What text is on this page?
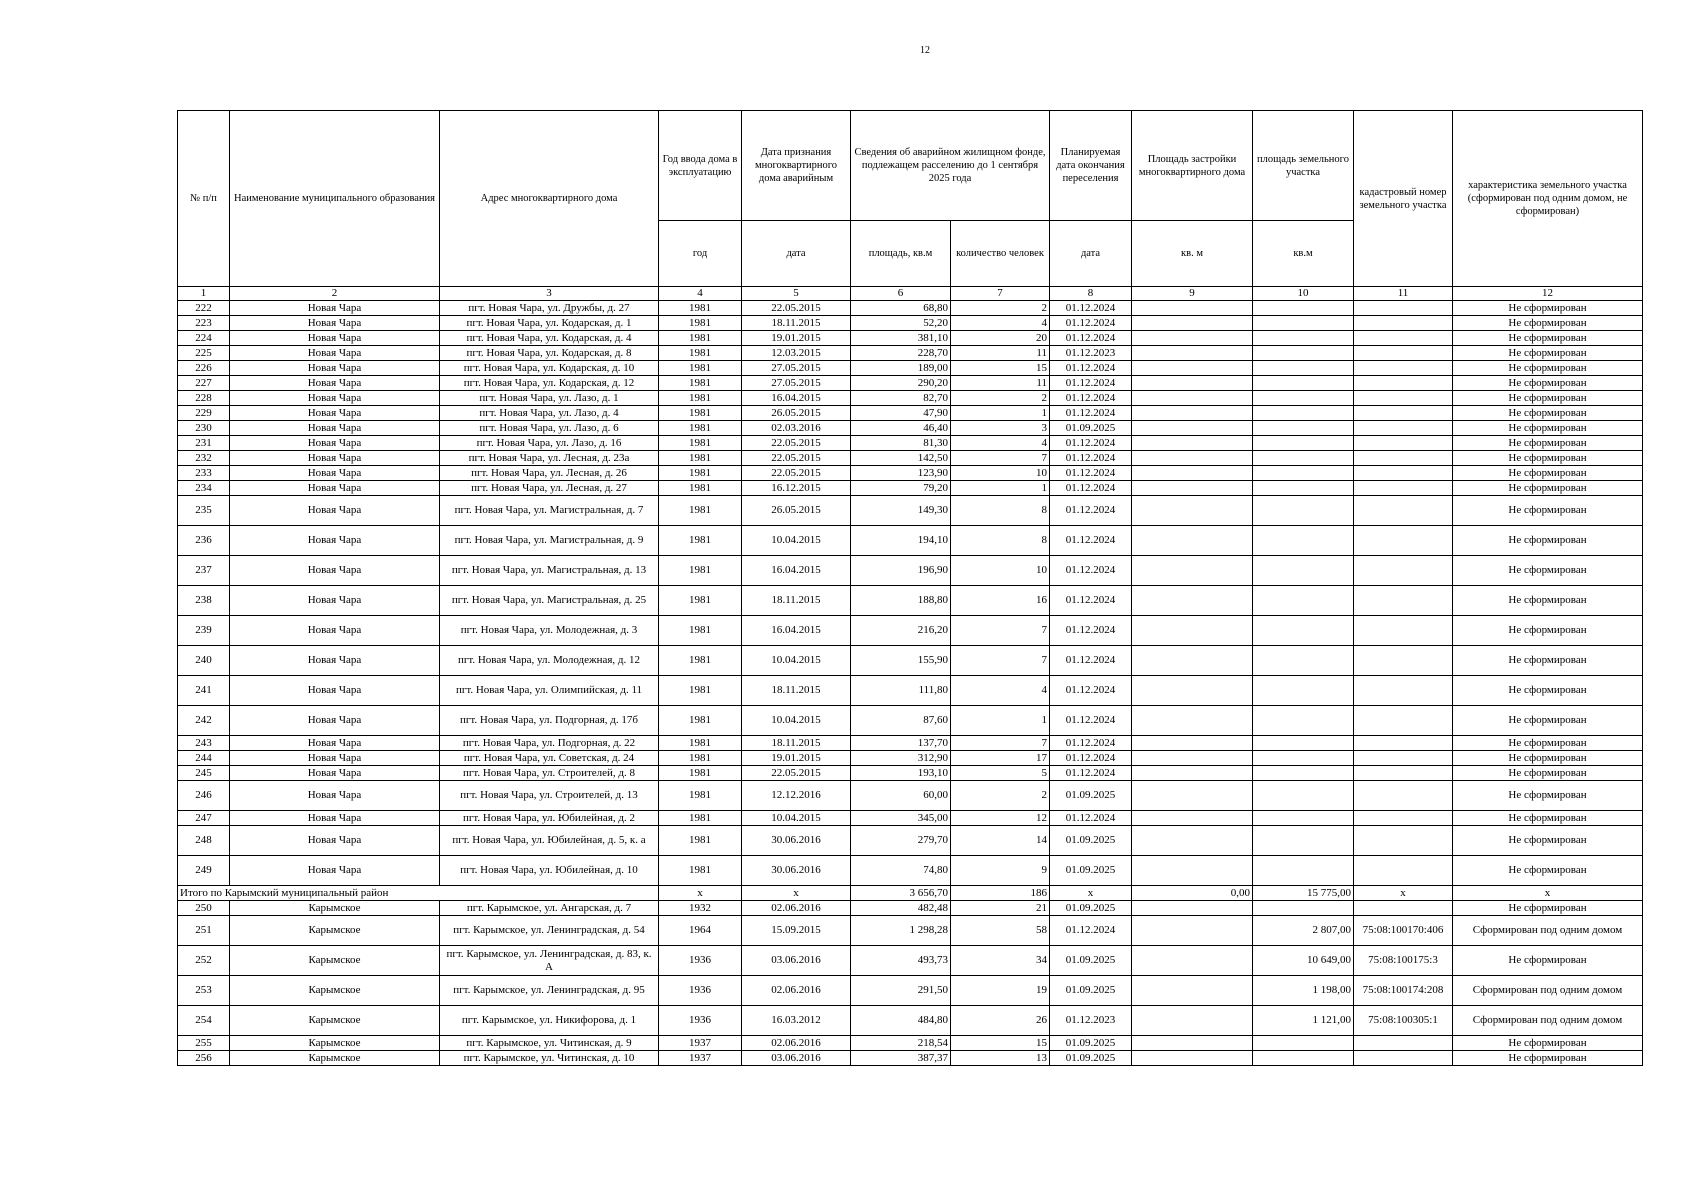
12
№ п/п	Наименование муниципального образования	Адрес многоквартирного дома	Год ввода дома в эксплуатацию	Дата признания многоквартирного дома аварийным	Сведения об аварийном жилищном фонде, подлежащем расселению до 1 сентября 2025 года		Планируемая дата окончания переселения	Площадь застройки многоквартирного дома	площадь земельного участка	кадастровый номер земельного участка	характеристика земельного участка (сформирован под одним домом, не сформирован)
			год	дата	площадь, кв.м	количество человек	дата	кв. м	кв.м		
1	2	3	4	5	6	7	8	9	10	11	12
222	Новая Чара	пгт. Новая Чара, ул. Дружбы, д. 27	1981	22.05.2015	68,80	2	01.12.2024				Не сформирован
223	Новая Чара	пгт. Новая Чара, ул. Кодарская, д. 1	1981	18.11.2015	52,20	4	01.12.2024				Не сформирован
224	Новая Чара	пгт. Новая Чара, ул. Кодарская, д. 4	1981	19.01.2015	381,10	20	01.12.2024				Не сформирован
225	Новая Чара	пгт. Новая Чара, ул. Кодарская, д. 8	1981	12.03.2015	228,70	11	01.12.2023				Не сформирован
226	Новая Чара	пгт. Новая Чара, ул. Кодарская, д. 10	1981	27.05.2015	189,00	15	01.12.2024				Не сформирован
227	Новая Чара	пгт. Новая Чара, ул. Кодарская, д. 12	1981	27.05.2015	290,20	11	01.12.2024				Не сформирован
228	Новая Чара	пгт. Новая Чара, ул. Лазо, д. 1	1981	16.04.2015	82,70	2	01.12.2024				Не сформирован
229	Новая Чара	пгт. Новая Чара, ул. Лазо, д. 4	1981	26.05.2015	47,90	1	01.12.2024				Не сформирован
230	Новая Чара	пгт. Новая Чара, ул. Лазо, д. 6	1981	02.03.2016	46,40	3	01.09.2025				Не сформирован
231	Новая Чара	пгт. Новая Чара, ул. Лазо, д. 16	1981	22.05.2015	81,30	4	01.12.2024				Не сформирован
232	Новая Чара	пгт. Новая Чара, ул. Лесная, д. 23а	1981	22.05.2015	142,50	7	01.12.2024				Не сформирован
233	Новая Чара	пгт. Новая Чара, ул. Лесная, д. 26	1981	22.05.2015	123,90	10	01.12.2024				Не сформирован
234	Новая Чара	пгт. Новая Чара, ул. Лесная, д. 27	1981	16.12.2015	79,20	1	01.12.2024				Не сформирован
235	Новая Чара	пгт. Новая Чара, ул. Магистральная, д. 7	1981	26.05.2015	149,30	8	01.12.2024				Не сформирован
236	Новая Чара	пгт. Новая Чара, ул. Магистральная, д. 9	1981	10.04.2015	194,10	8	01.12.2024				Не сформирован
237	Новая Чара	пгт. Новая Чара, ул. Магистральная, д. 13	1981	16.04.2015	196,90	10	01.12.2024				Не сформирован
238	Новая Чара	пгт. Новая Чара, ул. Магистральная, д. 25	1981	18.11.2015	188,80	16	01.12.2024				Не сформирован
239	Новая Чара	пгт. Новая Чара, ул. Молодежная, д. 3	1981	16.04.2015	216,20	7	01.12.2024				Не сформирован
240	Новая Чара	пгт. Новая Чара, ул. Молодежная, д. 12	1981	10.04.2015	155,90	7	01.12.2024				Не сформирован
241	Новая Чара	пгт. Новая Чара, ул. Олимпийская, д. 11	1981	18.11.2015	111,80	4	01.12.2024				Не сформирован
242	Новая Чара	пгт. Новая Чара, ул. Подгорная, д. 17б	1981	10.04.2015	87,60	1	01.12.2024				Не сформирован
243	Новая Чара	пгт. Новая Чара, ул. Подгорная, д. 22	1981	18.11.2015	137,70	7	01.12.2024				Не сформирован
244	Новая Чара	пгт. Новая Чара, ул. Советская, д. 24	1981	19.01.2015	312,90	17	01.12.2024				Не сформирован
245	Новая Чара	пгт. Новая Чара, ул. Строителей, д. 8	1981	22.05.2015	193,10	5	01.12.2024				Не сформирован
246	Новая Чара	пгт. Новая Чара, ул. Строителей, д. 13	1981	12.12.2016	60,00	2	01.09.2025				Не сформирован
247	Новая Чара	пгт. Новая Чара, ул. Юбилейная, д. 2	1981	10.04.2015	345,00	12	01.12.2024				Не сформирован
248	Новая Чара	пгт. Новая Чара, ул. Юбилейная, д. 5, к. а	1981	30.06.2016	279,70	14	01.09.2025				Не сформирован
249	Новая Чара	пгт. Новая Чара, ул. Юбилейная, д. 10	1981	30.06.2016	74,80	9	01.09.2025				Не сформирован
Итого по Карымский муниципальный район			x	x	3 656,70	186	x	0,00	15 775,00	x	x
250	Карымское	пгт. Карымское, ул. Ангарская, д. 7	1932	02.06.2016	482,48	21	01.09.2025				Не сформирован
251	Карымское	пгт. Карымское, ул. Ленинградская, д. 54	1964	15.09.2015	1 298,28	58	01.12.2024		2 807,00	75:08:100170:406	Сформирован под одним домом
252	Карымское	пгт. Карымское, ул. Ленинградская, д. 83, к. А	1936	03.06.2016	493,73	34	01.09.2025		10 649,00	75:08:100175:3	Не сформирован
253	Карымское	пгт. Карымское, ул. Ленинградская, д. 95	1936	02.06.2016	291,50	19	01.09.2025		1 198,00	75:08:100174:208	Сформирован под одним домом
254	Карымское	пгт. Карымское, ул. Никифорова, д. 1	1936	16.03.2012	484,80	26	01.12.2023		1 121,00	75:08:100305:1	Сформирован под одним домом
255	Карымское	пгт. Карымское, ул. Читинская, д. 9	1937	02.06.2016	218,54	15	01.09.2025				Не сформирован
256	Карымское	пгт. Карымское, ул. Читинская, д. 10	1937	03.06.2016	387,37	13	01.09.2025				Не сформирован
